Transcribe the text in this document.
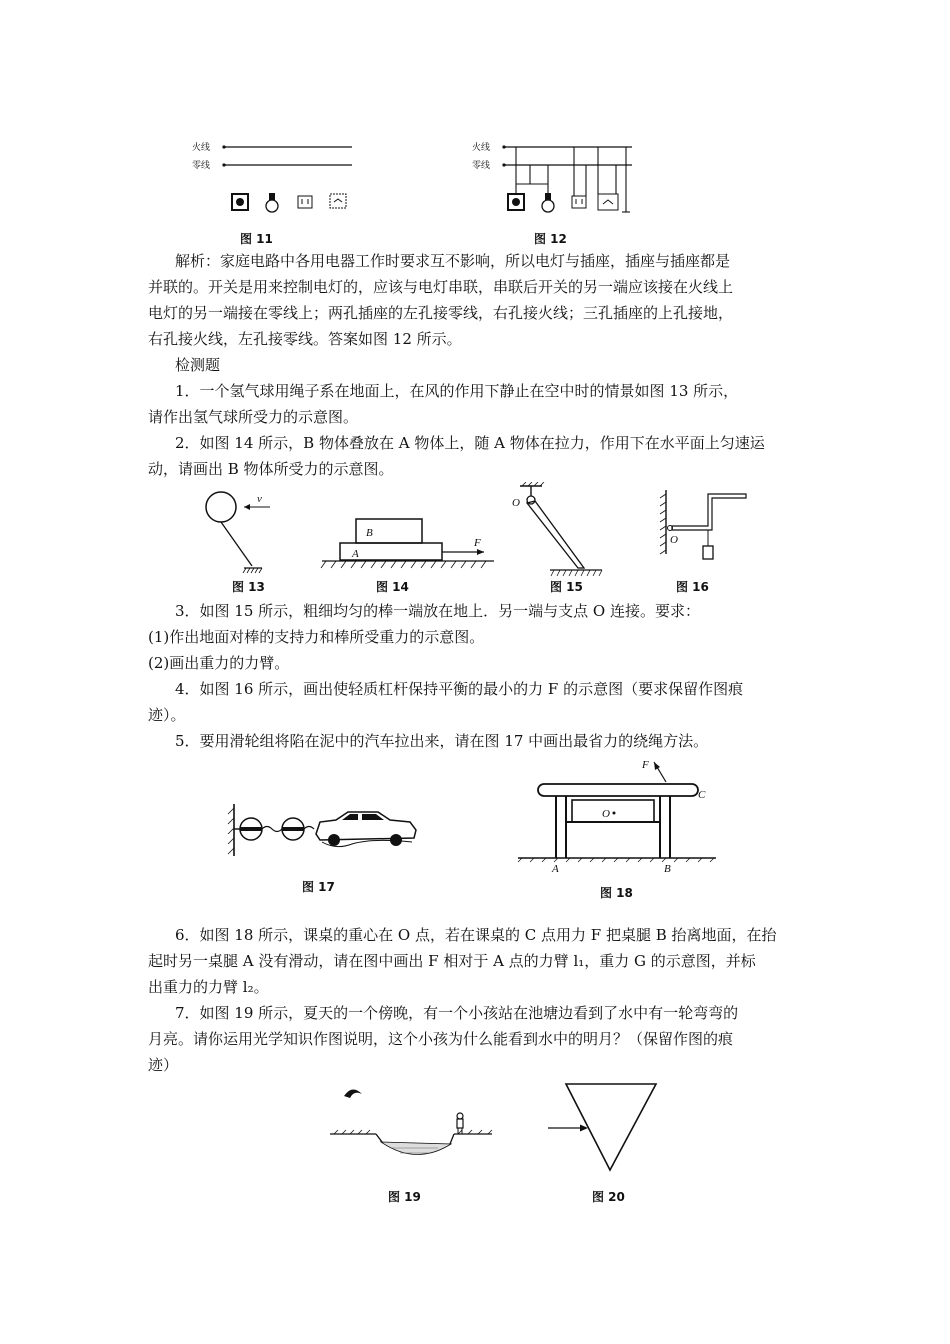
火线
零线
图 11
火线
零线
图 12
解析：家庭电路中各用电器工作时要求互不影响，所以电灯与插座，插座与插座都是
并联的。开关是用来控制电灯的，应该与电灯串联，串联后开关的另一端应该接在火线上
电灯的另一端接在零线上；两孔插座的左孔接零线，右孔接火线；三孔插座的上孔接地，
右孔接火线，左孔接零线。答案如图 12 所示。
检测题
1．一个氢气球用绳子系在地面上，在风的作用下静止在空中时的情景如图 13 所示，
请作出氢气球所受力的示意图。
2．如图 14 所示，B 物体叠放在 A 物体上，随 A 物体在拉力，作用下在水平面上匀速运
动，请画出 B 物体所受力的示意图。
v
图 13
B
A
F
图 14
O
图 15
O
图 16
3．如图 15 所示，粗细均匀的棒一端放在地上．另一端与支点 O 连接。要求：
(1)作出地面对棒的支持力和棒所受重力的示意图。
(2)画出重力的力臂。
4．如图 16 所示，画出使轻质杠杆保持平衡的最小的力 F 的示意图（要求保留作图痕
迹）。
5．要用滑轮组将陷在泥中的汽车拉出来，请在图 17 中画出最省力的绕绳方法。
图 17
F
C
O
A	B
图 18
6．如图 18 所示，课桌的重心在 O 点，若在课桌的 C 点用力 F 把桌腿 B 抬离地面，在抬
起时另一桌腿 A 没有滑动，请在图中画出 F 相对于 A 点的力臂 l₁，重力 G 的示意图，并标
出重力的力臂 l₂。
7．如图 19 所示，夏天的一个傍晚，有一个小孩站在池塘边看到了水中有一轮弯弯的
月亮。请你运用光学知识作图说明，这个小孩为什么能看到水中的明月？（保留作图的痕
迹）
图 19	图 20
